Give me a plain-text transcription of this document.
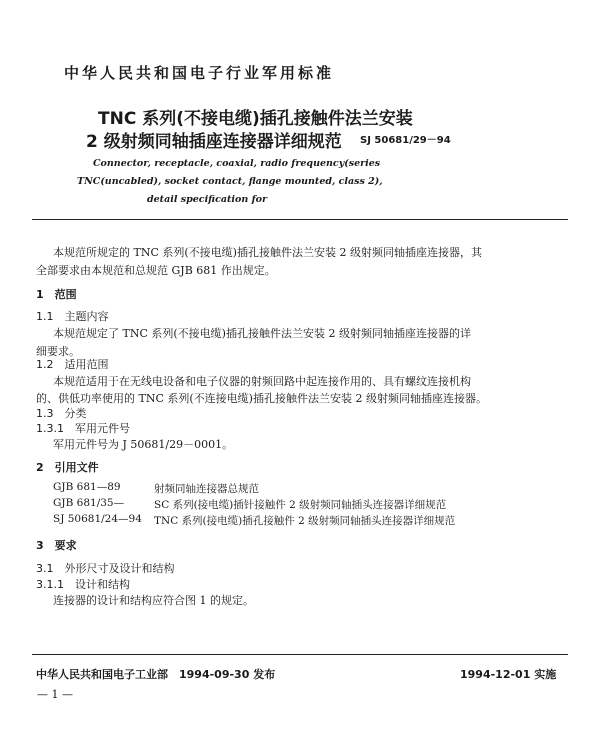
中华人民共和国电子行业军用标准
TNC 系列(不接电缆)插孔接触件法兰安装
2 级射频同轴插座连接器详细规范 SJ 50681/29－94
Connector, receptacle, coaxial, radio frequency(series
TNC(uncabled), socket contact, flange mounted, class 2),
detail specification for
本规范所规定的 TNC 系列(不接电缆)插孔接触件法兰安装 2 级射频同轴插座连接器，其
全部要求由本规范和总规范 GJB 681 作出规定。
1　范围
1.1　主题内容
本规范规定了 TNC 系列(不接电缆)插孔接触件法兰安装 2 级射频同轴插座连接器的详
细要求。
1.2　适用范围
本规范适用于在无线电设备和电子仪器的射频回路中起连接作用的、具有螺纹连接机构
的、供低功率使用的 TNC 系列(不连接电缆)插孔接触件法兰安装 2 级射频同轴插座连接器。
1.3　分类
1.3.1　军用元件号
军用元件号为 J 50681/29－0001。
2　引用文件
GJB 681—89	射频同轴连接器总规范
GJB 681/35—	SC 系列(接电缆)插针接触件 2 级射频同轴插头连接器详细规范
SJ 50681/24—94 TNC 系列(接电缆)插孔接触件 2 级射频同轴插头连接器详细规范
3　要求
3.1　外形尺寸及设计和结构
3.1.1　设计和结构
连接器的设计和结构应符合图 1 的规定。
中华人民共和国电子工业部　1994-09-30 发布	1994-12-01 实施
— 1 —
